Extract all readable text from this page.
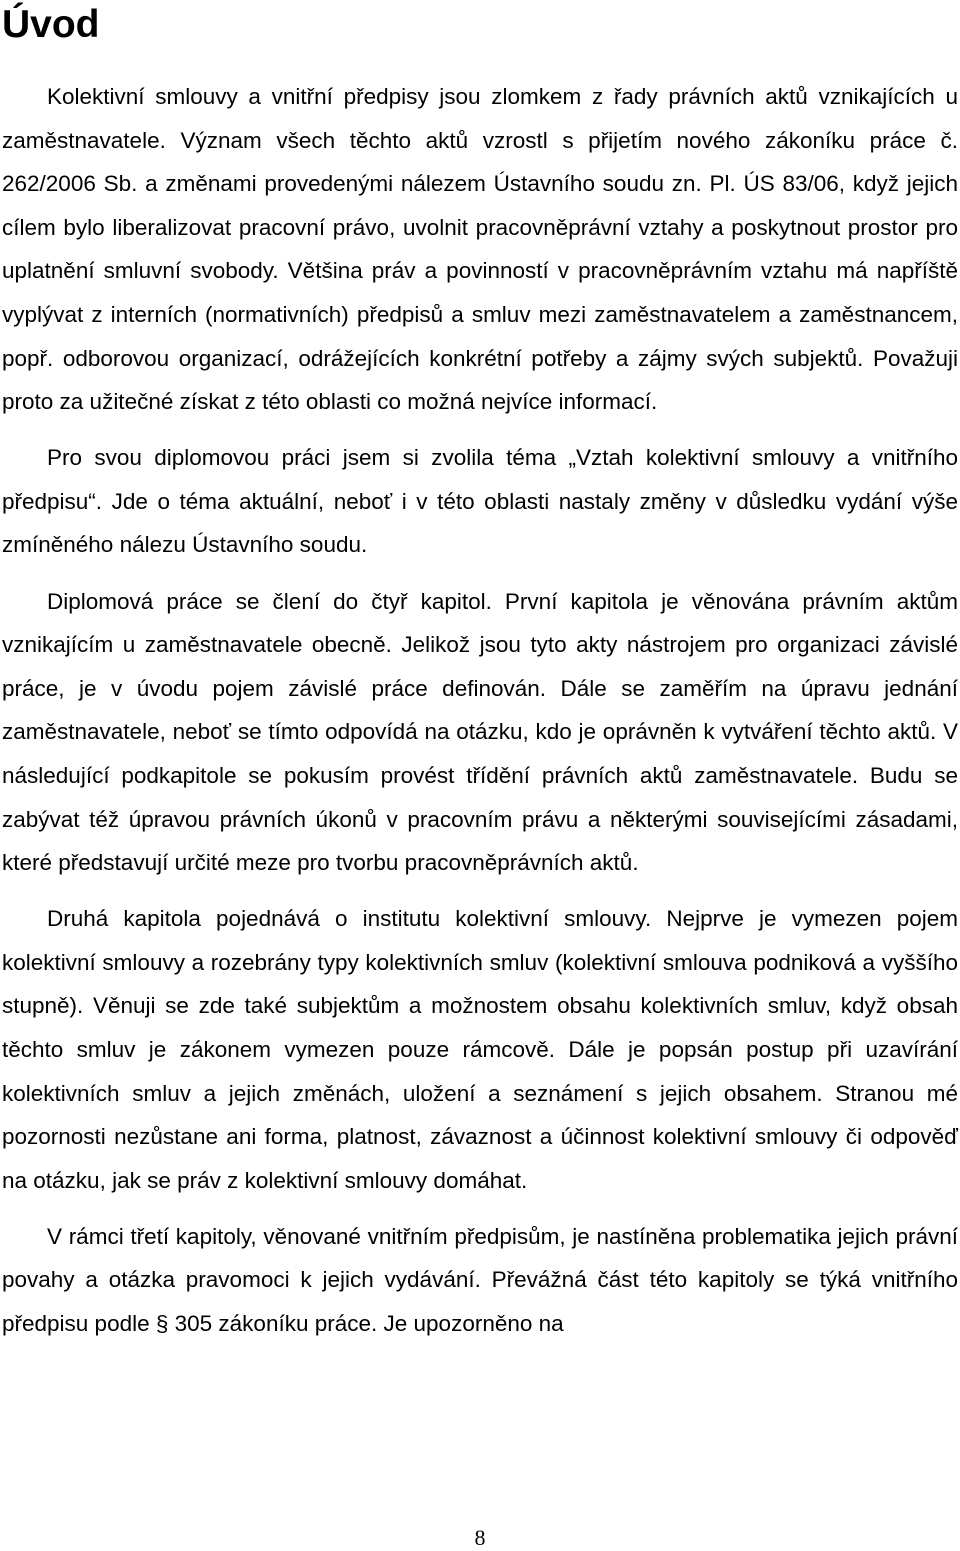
Úvod

Kolektivní smlouvy a vnitřní předpisy jsou zlomkem z řady právních aktů vznikajících u zaměstnavatele. Význam všech těchto aktů vzrostl s přijetím nového zákoníku práce č. 262/2006 Sb. a změnami provedenými nálezem Ústavního soudu zn. Pl. ÚS 83/06, když jejich cílem bylo liberalizovat pracovní právo, uvolnit pracovněprávní vztahy a poskytnout prostor pro uplatnění smluvní svobody. Většina práv a povinností v pracovněprávním vztahu má napříště vyplývat z interních (normativních) předpisů a smluv mezi zaměstnavatelem a zaměstnancem, popř. odborovou organizací, odrážejících konkrétní potřeby a zájmy svých subjektů. Považuji proto za užitečné získat z této oblasti co možná nejvíce informací.

Pro svou diplomovou práci jsem si zvolila téma „Vztah kolektivní smlouvy a vnitřního předpisu“. Jde o téma aktuální, neboť i v této oblasti nastaly změny v důsledku vydání výše zmíněného nálezu Ústavního soudu.

Diplomová práce se člení do čtyř kapitol. První kapitola je věnována právním aktům vznikajícím u zaměstnavatele obecně. Jelikož jsou tyto akty nástrojem pro organizaci závislé práce, je v úvodu pojem závislé práce definován. Dále se zaměřím na úpravu jednání zaměstnavatele, neboť se tímto odpovídá na otázku, kdo je oprávněn k vytváření těchto aktů. V následující podkapitole se pokusím provést třídění právních aktů zaměstnavatele. Budu se zabývat též úpravou právních úkonů v pracovním právu a některými souvisejícími zásadami, které představují určité meze pro tvorbu pracovněprávních aktů.

Druhá kapitola pojednává o institutu kolektivní smlouvy. Nejprve je vymezen pojem kolektivní smlouvy a rozebrány typy kolektivních smluv (kolektivní smlouva podniková a vyššího stupně). Věnuji se zde také subjektům a možnostem obsahu kolektivních smluv, když obsah těchto smluv je zákonem vymezen pouze rámcově. Dále je popsán postup při uzavírání kolektivních smluv a jejich změnách, uložení a seznámení s jejich obsahem. Stranou mé pozornosti nezůstane ani forma, platnost, závaznost a účinnost kolektivní smlouvy či odpověď na otázku, jak se práv z kolektivní smlouvy domáhat.

V rámci třetí kapitoly, věnované vnitřním předpisům, je nastíněna problematika jejich právní povahy a otázka pravomoci k jejich vydávání. Převážná část této kapitoly se týká vnitřního předpisu podle § 305 zákoníku práce. Je upozorněno na

8
